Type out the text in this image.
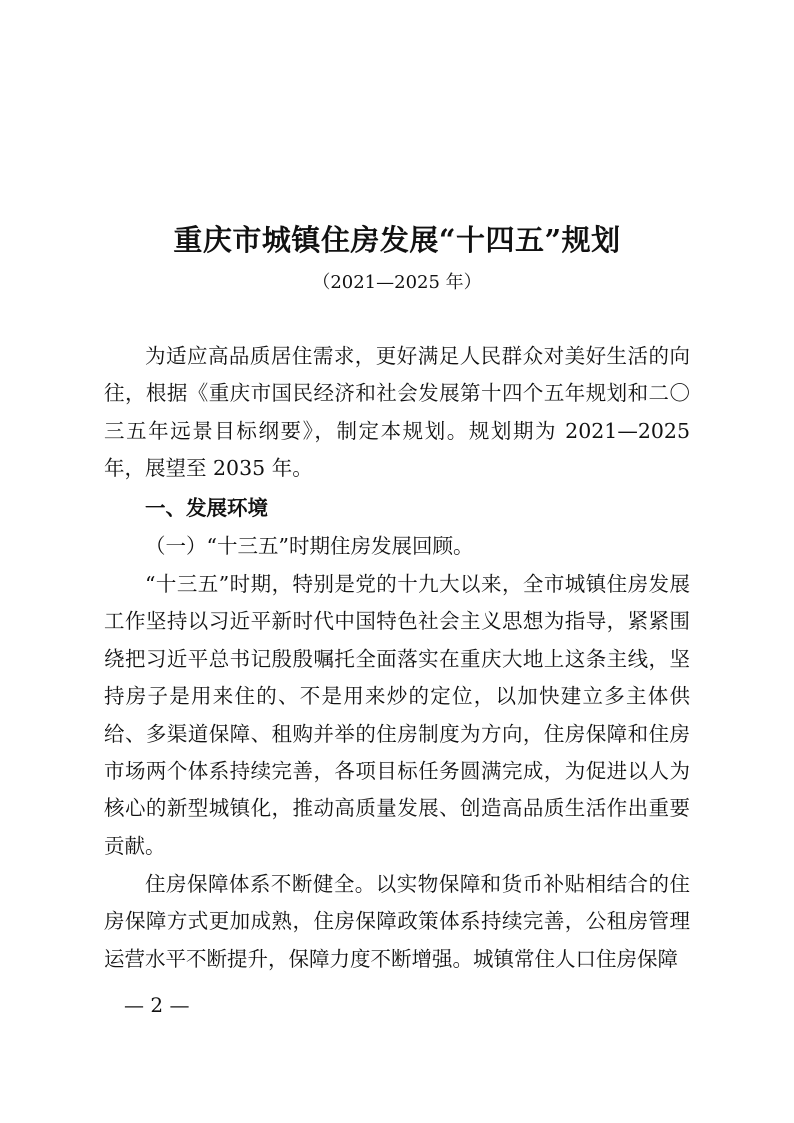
重庆市城镇住房发展“十四五”规划
（2021—2025 年）

为适应高品质居住需求，更好满足人民群众对美好生活的向往，根据《重庆市国民经济和社会发展第十四个五年规划和二〇三五年远景目标纲要》，制定本规划。规划期为 2021—2025 年，展望至 2035 年。

一、发展环境

（一）“十三五”时期住房发展回顾。

“十三五”时期，特别是党的十九大以来，全市城镇住房发展工作坚持以习近平新时代中国特色社会主义思想为指导，紧紧围绕把习近平总书记殷殷嘱托全面落实在重庆大地上这条主线，坚持房子是用来住的、不是用来炒的定位，以加快建立多主体供给、多渠道保障、租购并举的住房制度为方向，住房保障和住房市场两个体系持续完善，各项目标任务圆满完成，为促进以人为核心的新型城镇化，推动高质量发展、创造高品质生活作出重要贡献。

住房保障体系不断健全。以实物保障和货币补贴相结合的住房保障方式更加成熟，住房保障政策体系持续完善，公租房管理运营水平不断提升，保障力度不断增强。城镇常住人口住房保障

— 2 —
